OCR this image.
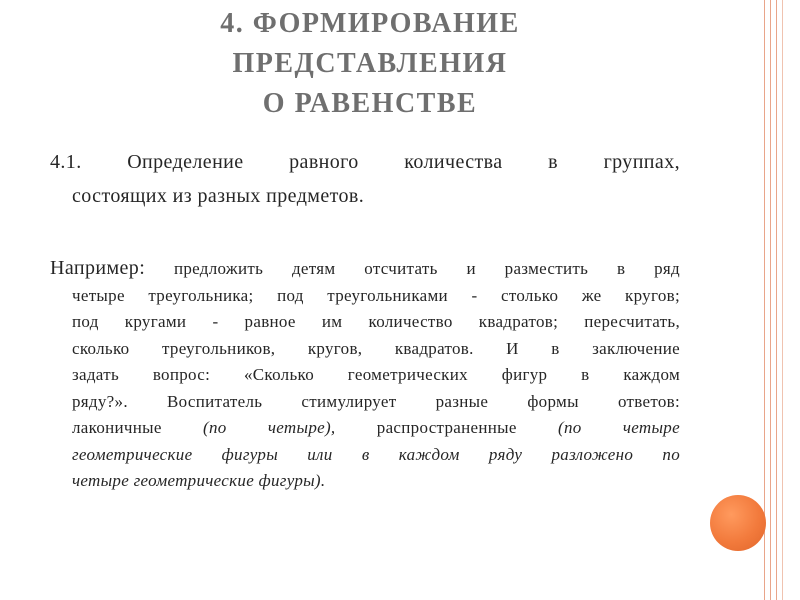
4. ФОРМИРОВАНИЕ
ПРЕДСТАВЛЕНИЯ
О РАВЕНСТВЕ
4.1. Определение равного количества в группах,
состоящих из разных предметов.
Например: предложить детям отсчитать и разместить в ряд
четыре треугольника; под треугольниками - столько же кругов;
под кругами - равное им количество квадратов; пересчитать,
сколько треугольников, кругов, квадратов. И в заключение
задать вопрос: «Сколько геометрических фигур в каждом
ряду?». Воспитатель стимулирует разные формы ответов:
лаконичные (по четыре), распространенные (по четыре
геометрические фигуры или в каждом ряду разложено по
четыре геометрические фигуры).
